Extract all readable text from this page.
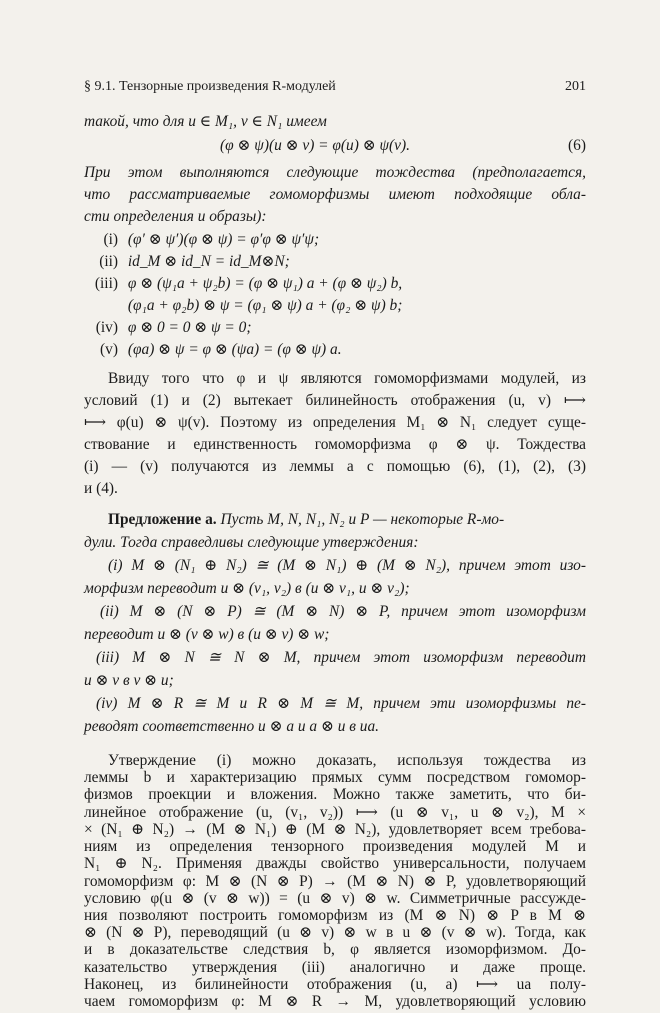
§ 9.1. Тензорные произведения R-модулей	201
такой, что для u ∈ M₁, v ∈ N₁ имеем
(φ ⊗ ψ)(u ⊗ v) = φ(u) ⊗ ψ(v).	(6)
При этом выполняются следующие тождества (предполагается,
что рассматриваемые гомоморфизмы имеют подходящие обла-
сти определения и образы):
(i) (φ′ ⊗ ψ′)(φ ⊗ ψ) = φ′φ ⊗ ψ′ψ;
(ii) id_M ⊗ id_N = id_M⊗N;
(iii) φ ⊗ (ψ₁a + ψ₂b) = (φ ⊗ ψ₁) a + (φ ⊗ ψ₂) b,
(φ₁a + φ₂b) ⊗ ψ = (φ₁ ⊗ ψ) a + (φ₂ ⊗ ψ) b;
(iv) φ ⊗ 0 = 0 ⊗ ψ = 0;
(v) (φa) ⊗ ψ = φ ⊗ (ψa) = (φ ⊗ ψ) a.
Ввиду того что φ и ψ являются гомоморфизмами модулей, из
условий (1) и (2) вытекает билинейность отображения (u, v) ⟼
⟼ φ(u) ⊗ ψ(v). Поэтому из определения M₁ ⊗ N₁ следует суще-
ствование и единственность гомоморфизма φ ⊗ ψ. Тождества
(i) — (v) получаются из леммы a с помощью (6), (1), (2), (3)
и (4).
Предложение a. Пусть M, N, N₁, N₂ и P — некоторые R-мо-
дули. Тогда справедливы следующие утверждения:
(i) M ⊗ (N₁ ⊕ N₂) ≅ (M ⊗ N₁) ⊕ (M ⊗ N₂), причем этот изо-
морфизм переводит u ⊗ (v₁, v₂) в (u ⊗ v₁, u ⊗ v₂);
(ii) M ⊗ (N ⊗ P) ≅ (M ⊗ N) ⊗ P, причем этот изоморфизм
переводит u ⊗ (v ⊗ w) в (u ⊗ v) ⊗ w;
(iii) M ⊗ N ≅ N ⊗ M, причем этот изоморфизм переводит
u ⊗ v в v ⊗ u;
(iv) M ⊗ R ≅ M и R ⊗ M ≅ M, причем эти изоморфизмы пе-
реводят соответственно u ⊗ a и a ⊗ u в ua.
Утверждение (i) можно доказать, используя тождества из
леммы b и характеризацию прямых сумм посредством гомомор-
физмов проекции и вложения. Можно также заметить, что би-
линейное отображение (u, (v₁, v₂)) ⟼ (u ⊗ v₁, u ⊗ v₂), M ×
× (N₁ ⊕ N₂) → (M ⊗ N₁) ⊕ (M ⊗ N₂), удовлетворяет всем требова-
ниям из определения тензорного произведения модулей M и
N₁ ⊕ N₂. Применяя дважды свойство универсальности, получаем
гомоморфизм φ: M ⊗ (N ⊗ P) → (M ⊗ N) ⊗ P, удовлетворяющий
условию φ(u ⊗ (v ⊗ w)) = (u ⊗ v) ⊗ w. Симметричные рассужде-
ния позволяют построить гомоморфизм из (M ⊗ N) ⊗ P в M ⊗
⊗ (N ⊗ P), переводящий (u ⊗ v) ⊗ w в u ⊗ (v ⊗ w). Тогда, как
и в доказательстве следствия b, φ является изоморфизмом. До-
казательство утверждения (iii) аналогично и даже проще.
Наконец, из билинейности отображения (u, a) ⟼ ua полу-
чаем гомоморфизм φ: M ⊗ R → M, удовлетворяющий условию
